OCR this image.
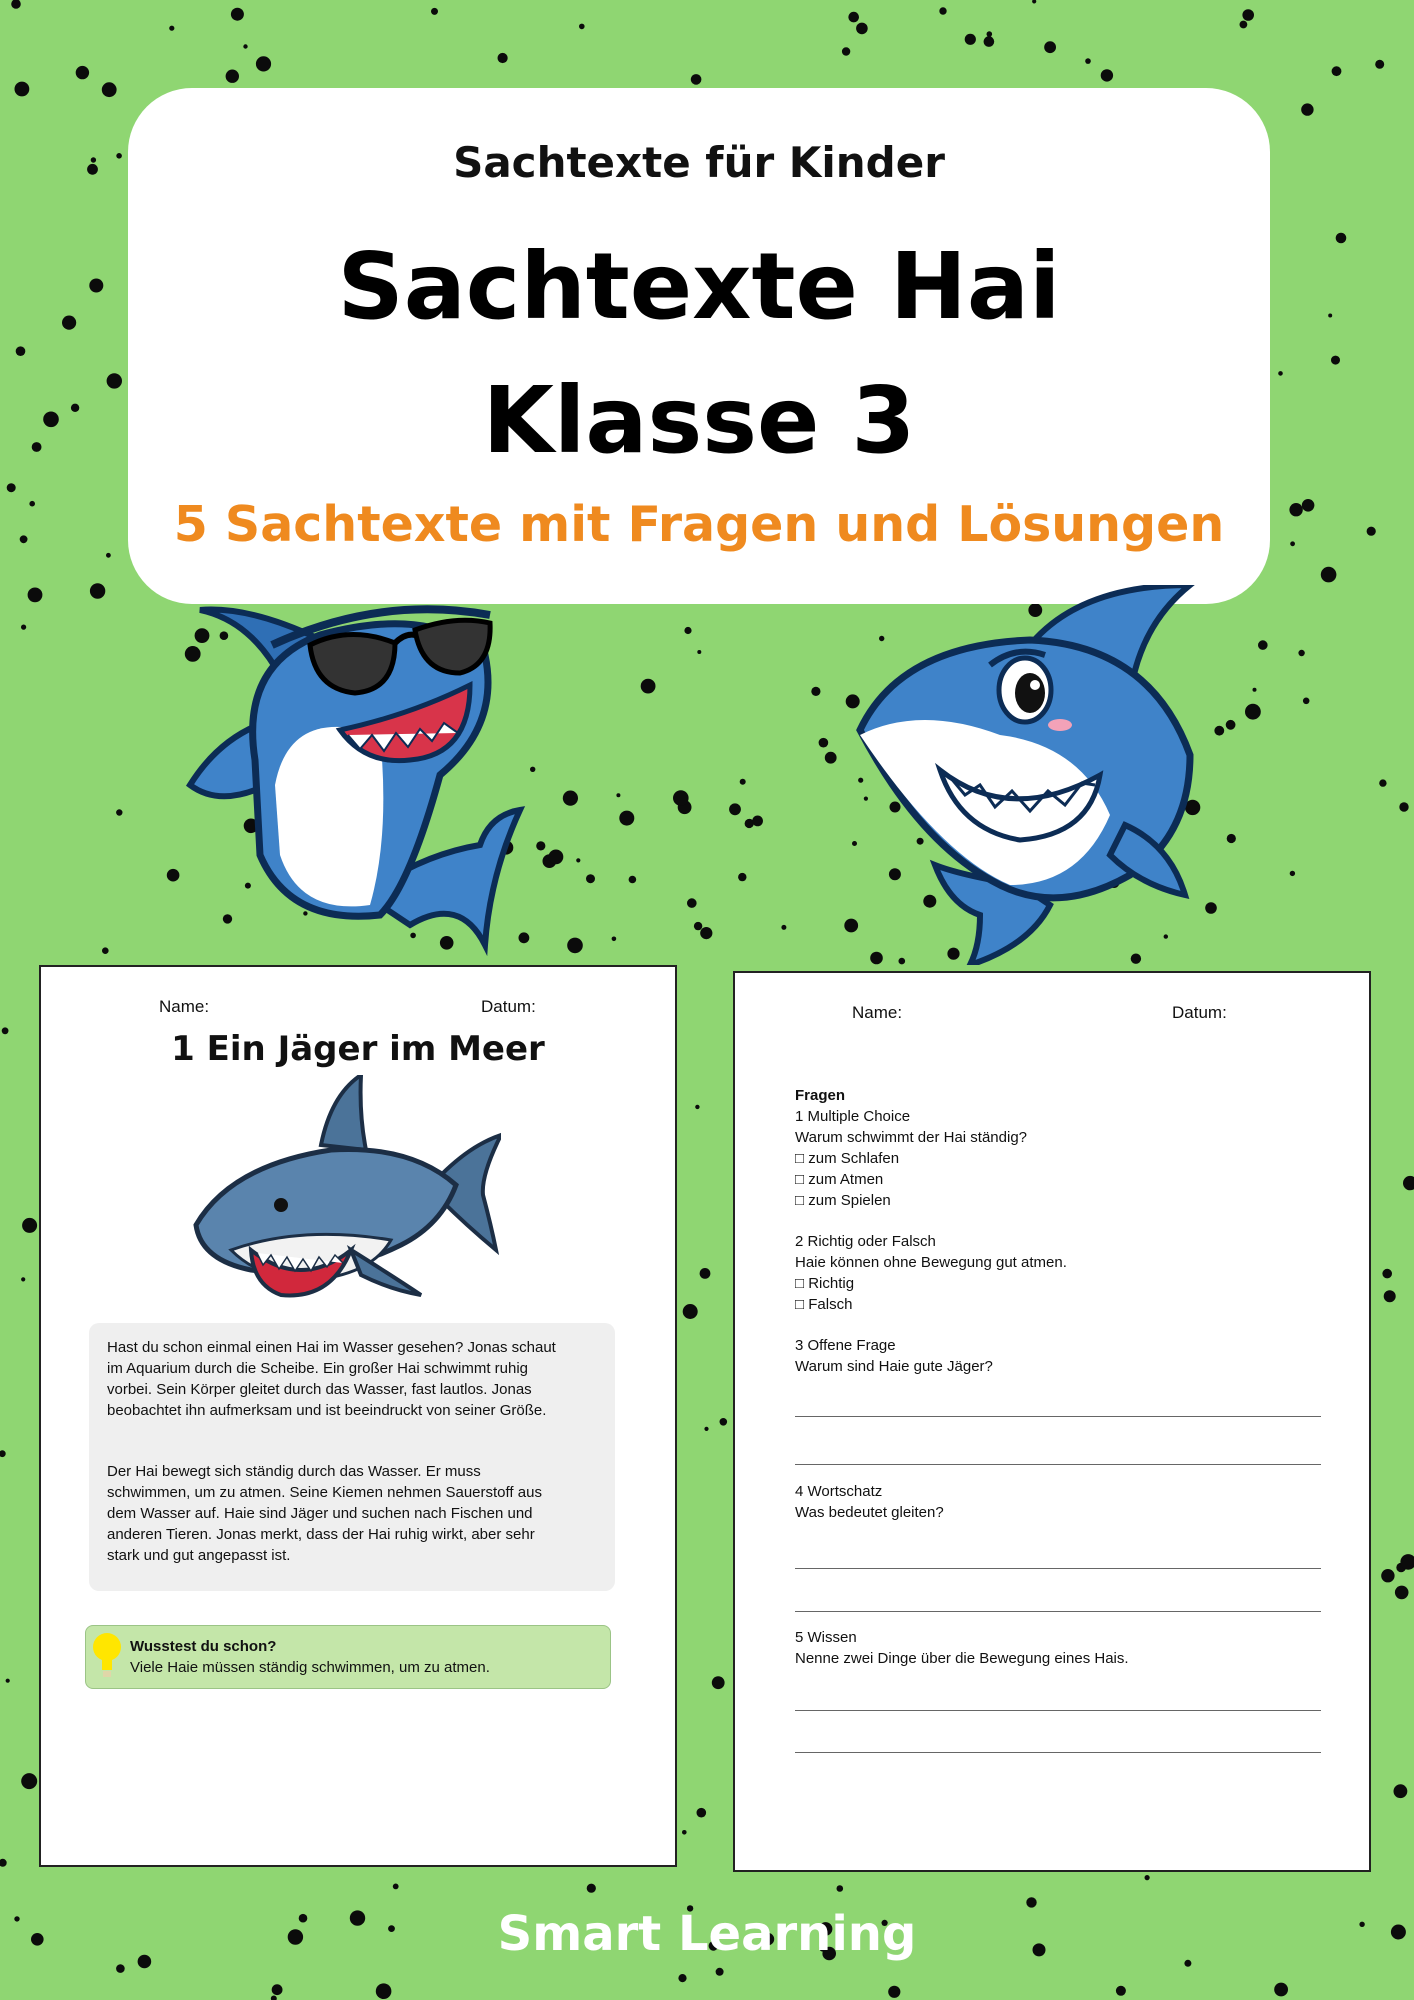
Sachtexte für Kinder
Sachtexte Hai
Klasse 3
5 Sachtexte mit Fragen und Lösungen
Name:	Datum:
1 Ein Jäger im Meer

Hast du schon einmal einen Hai im Wasser gesehen? Jonas schaut
im Aquarium durch die Scheibe. Ein großer Hai schwimmt ruhig
vorbei. Sein Körper gleitet durch das Wasser, fast lautlos. Jonas
beobachtet ihn aufmerksam und ist beeindruckt von seiner Größe.

Der Hai bewegt sich ständig durch das Wasser. Er muss
schwimmen, um zu atmen. Seine Kiemen nehmen Sauerstoff aus
dem Wasser auf. Haie sind Jäger und suchen nach Fischen und
anderen Tieren. Jonas merkt, dass der Hai ruhig wirkt, aber sehr
stark und gut angepasst ist.

Wusstest du schon?
Viele Haie müssen ständig schwimmen, um zu atmen.
Name:	Datum:
Fragen
1 Multiple Choice
Warum schwimmt der Hai ständig?
□ zum Schlafen
□ zum Atmen
□ zum Spielen
2 Richtig oder Falsch
Haie können ohne Bewegung gut atmen.
□ Richtig
□ Falsch
3 Offene Frage
Warum sind Haie gute Jäger?
4 Wortschatz
Was bedeutet gleiten?
5 Wissen
Nenne zwei Dinge über die Bewegung eines Hais.
Smart Learning
